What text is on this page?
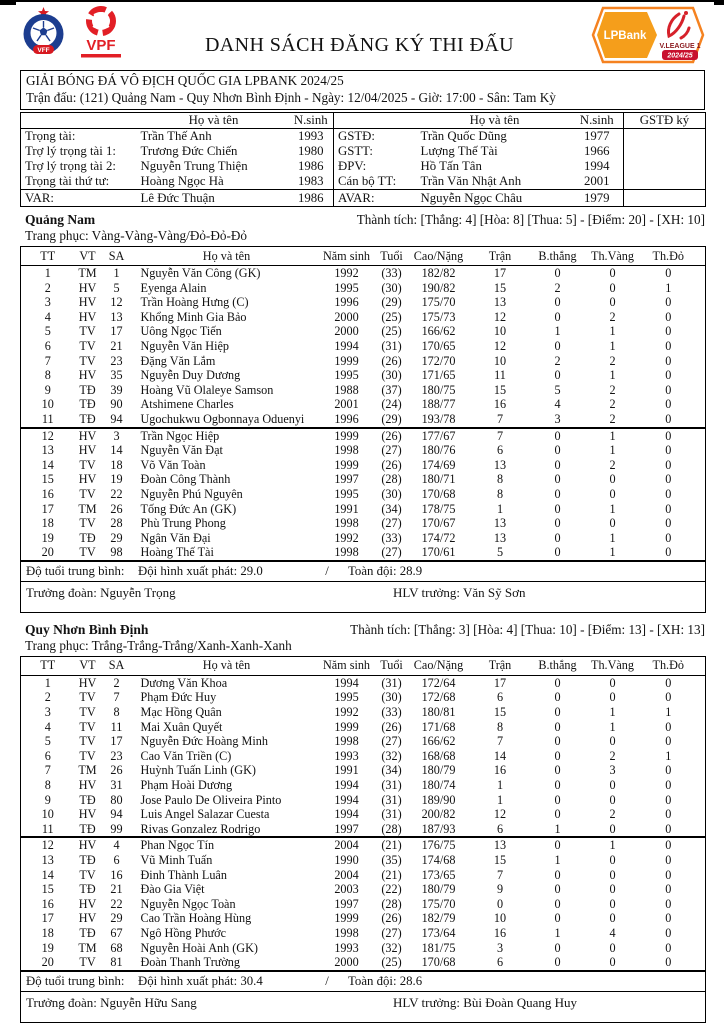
VFF VPF	DANH SÁCH ĐĂNG KÝ THI ĐẤU	LPBank
V.LEAGUE 1
2024/25
GIẢI BÓNG ĐÁ VÔ ĐỊCH QUỐC GIA LPBANK 2024/25
Trận đấu: (121) Quảng Nam - Quy Nhơn Bình Định - Ngày: 12/04/2025 - Giờ: 17:00 - Sân: Tam Kỳ
	Họ và tên	N.sinh		Họ và tên	N.sinh	GSTĐ ký
Trọng tài:	Trần Thế Anh	1993	GSTĐ:	Trần Quốc Dũng	1977	
Trợ lý trọng tài 1:	Trương Đức Chiến	1980	GSTT:	Lượng Thế Tài	1966	
Trợ lý trọng tài 2:	Nguyễn Trung Thiện	1986	ĐPV:	Hồ Tấn Tân	1994	
Trọng tài thứ tư:	Hoàng Ngọc Hà	1983	Cán bộ TT:	Trần Văn Nhật Anh	2001	
VAR:	Lê Đức Thuận	1986	AVAR:	Nguyễn Ngọc Châu	1979	
Quảng Nam	Thành tích: [Thắng: 4] [Hòa: 8] [Thua: 5] - [Điểm: 20] - [XH: 10]
Trang phục: Vàng-Vàng-Vàng/Đỏ-Đỏ-Đỏ
TT	VT	SA	Họ và tên	Năm sinh	Tuổi	Cao/Nặng	Trận	B.thắng	Th.Vàng	Th.Đỏ
1	TM	1	Nguyễn Văn Công (GK)	1992	(33)	182/82	17	0	0	0
2	HV	5	Eyenga Alain	1995	(30)	190/82	15	2	0	1
3	HV	12	Trần Hoàng Hưng (C)	1996	(29)	175/70	13	0	0	0
4	HV	13	Khổng Minh Gia Bảo	2000	(25)	175/73	12	0	2	0
5	TV	17	Uông Ngọc Tiến	2000	(25)	166/62	10	1	1	0
6	TV	21	Nguyễn Văn Hiệp	1994	(31)	170/65	12	0	1	0
7	TV	23	Đặng Văn Lắm	1999	(26)	172/70	10	2	2	0
8	HV	35	Nguyễn Duy Dương	1995	(30)	171/65	11	0	1	0
9	TĐ	39	Hoàng Vũ Olaleye Samson	1988	(37)	180/75	15	5	2	0
10	TĐ	90	Atshimene Charles	2001	(24)	188/77	16	4	2	0
11	TĐ	94	Ugochukwu Ogbonnaya Oduenyi	1996	(29)	193/78	7	3	2	0
12	HV	3	Trần Ngọc Hiệp	1999	(26)	177/67	7	0	1	0
13	HV	14	Nguyễn Văn Đạt	1998	(27)	180/76	6	0	1	0
14	TV	18	Võ Văn Toàn	1999	(26)	174/69	13	0	2	0
15	HV	19	Đoàn Công Thành	1997	(28)	180/71	8	0	0	0
16	TV	22	Nguyễn Phú Nguyên	1995	(30)	170/68	8	0	0	0
17	TM	26	Tống Đức An (GK)	1991	(34)	178/75	1	0	1	0
18	TV	28	Phù Trung Phong	1998	(27)	170/67	13	0	0	0
19	TĐ	29	Ngân Văn Đại	1992	(33)	174/72	13	0	1	0
20	TV	98	Hoàng Thế Tài	1998	(27)	170/61	5	0	1	0

Độ tuổi trung bình: Đội hình xuất phát: 29.0 / Toàn đội: 28.9										

Trưởng đoàn: Nguyễn Trọng HLV trưởng: Văn Sỹ Sơn										
Quy Nhơn Bình Định	Thành tích: [Thắng: 3] [Hòa: 4] [Thua: 10] - [Điểm: 13] - [XH: 13]
Trang phục: Trắng-Trắng-Trắng/Xanh-Xanh-Xanh
TT	VT	SA	Họ và tên	Năm sinh	Tuổi	Cao/Nặng	Trận	B.thắng	Th.Vàng	Th.Đỏ
1	HV	2	Dương Văn Khoa	1994	(31)	172/64	17	0	0	0
2	TV	7	Phạm Đức Huy	1995	(30)	172/68	6	0	0	0
3	TV	8	Mạc Hồng Quân	1992	(33)	180/81	15	0	1	1
4	TV	11	Mai Xuân Quyết	1999	(26)	171/68	8	0	1	0
5	TV	17	Nguyễn Đức Hoàng Minh	1998	(27)	166/62	7	0	0	0
6	TV	23	Cao Văn Triền (C)	1993	(32)	168/68	14	0	2	1
7	TM	26	Huỳnh Tuấn Linh (GK)	1991	(34)	180/79	16	0	3	0
8	HV	31	Phạm Hoài Dương	1994	(31)	180/74	1	0	0	0
9	TĐ	80	Jose Paulo De Oliveira Pinto	1994	(31)	189/90	1	0	0	0
10	HV	94	Luis Angel Salazar Cuesta	1994	(31)	200/82	12	0	2	0
11	TĐ	99	Rivas Gonzalez Rodrigo	1997	(28)	187/93	6	1	0	0
12	HV	4	Phan Ngọc Tín	2004	(21)	176/75	13	0	1	0
13	TĐ	6	Vũ Minh Tuấn	1990	(35)	174/68	15	1	0	0
14	TV	16	Đinh Thành Luân	2004	(21)	173/65	7	0	0	0
15	TĐ	21	Đào Gia Việt	2003	(22)	180/79	9	0	0	0
16	HV	22	Nguyễn Ngọc Toàn	1997	(28)	175/70	0	0	0	0
17	HV	29	Cao Trần Hoàng Hùng	1999	(26)	182/79	10	0	0	0
18	TĐ	67	Ngô Hồng Phước	1998	(27)	173/64	16	1	4	0
19	TM	68	Nguyễn Hoài Anh (GK)	1993	(32)	181/75	3	0	0	0
20	TV	81	Đoàn Thanh Trường	2000	(25)	170/68	6	0	0	0

Độ tuổi trung bình: Đội hình xuất phát: 30.4 / Toàn đội: 28.6										

Trưởng đoàn: Nguyễn Hữu Sang HLV trưởng: Bùi Đoàn Quang Huy										
